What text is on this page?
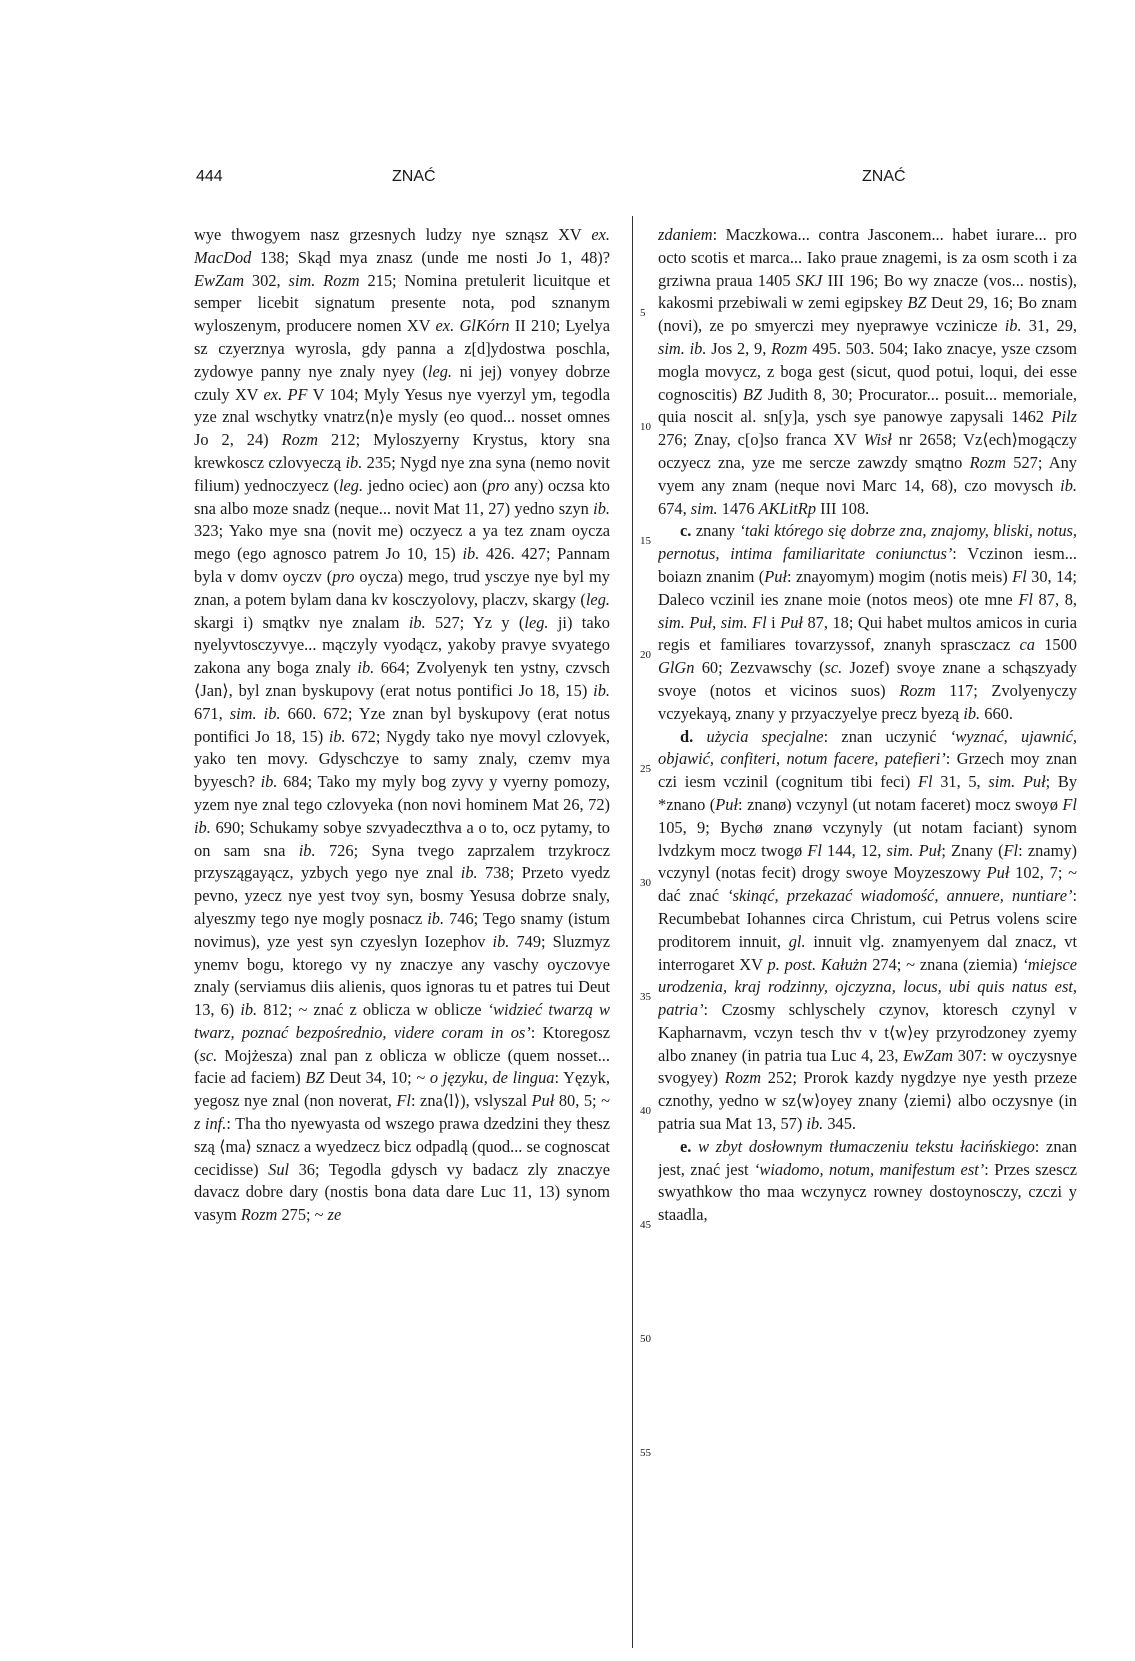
444	ZNAĆ	ZNAĆ

wye thwogyem nasz grzesnych ludzy nye sznąsz XV ex. MacDod 138; Skąd mya znasz (unde me nosti Jo 1, 48)? EwZam 302, sim. Rozm 215; Nomina pretulerit licuitque et semper licebit signatum presente nota, pod sznanym wyloszenym, producere nomen XV ex. GlKórn II 210; Lyelya sz czyerznya wyrosla, gdy panna a z[d]ydostwa poschla, zydowye panny nye znaly nyey (leg. ni jej) vonyey dobrze czuly XV ex. PF V 104; Myly Yesus nye vyerzyl ym, tegodla yze znal wschytky vnatrz⟨n⟩e mysly (eo quod... nosset omnes Jo 2, 24) Rozm 212; Myloszyerny Krystus, ktory sna krewkoscz czlovyeczą ib. 235; Nygd nye zna syna (nemo novit filium) yednoczyecz (leg. jedno ociec) aon (pro any) oczsa kto sna albo moze snadz (neque... novit Mat 11, 27) yedno szyn ib. 323; Yako mye sna (novit me) oczyecz a ya tez znam oycza mego (ego agnosco patrem Jo 10, 15) ib. 426. 427; Pannam byla v domv oyczv (pro oycza) mego, trud ysczye nye byl my znan, a potem bylam dana kv kosczyolovy, placzv, skargy (leg. skargi i) smątkv nye znalam ib. 527; Yz y (leg. ji) tako nyelyvtosczyvye... mączyly vyodącz, yakoby pravye svyatego zakona any boga znaly ib. 664; Zvolyenyk ten ystny, czvsch ⟨Jan⟩, byl znan byskupovy (erat notus pontifici Jo 18, 15) ib. 671, sim. ib. 660. 672; Yze znan byl byskupovy (erat notus pontifici Jo 18, 15) ib. 672; Nygdy tako nye movyl czlovyek, yako ten movy. Gdyschczye to samy znaly, czemv mya byyesch? ib. 684; Tako my myly bog zyvy y vyerny pomozy, yzem nye znal tego czlovyeka (non novi hominem Mat 26, 72) ib. 690; Schukamy sobye szvyadeczthva a o to, ocz pytamy, to on sam sna ib. 726; Syna tvego zaprzalem trzykrocz przyszągayącz, yzbych yego nye znal ib. 738; Przeto vyedz pevno, yzecz nye yest tvoy syn, bosmy Yesusa dobrze snaly, alyeszmy tego nye mogly posnacz ib. 746; Tego snamy (istum novimus), yze yest syn czyeslyn Iozephov ib. 749; Sluzmyz ynemv bogu, ktorego vy ny znaczye any vaschy oyczovye znaly (serviamus diis alienis, quos ignoras tu et patres tui Deut 13, 6) ib. 812; ~ znać z oblicza w oblicze ‘widzieć twarzą w twarz, poznać bezpośrednio, videre coram in os’: Ktoregosz (sc. Mojżesza) znal pan z oblicza w oblicze (quem nosset... facie ad faciem) BZ Deut 34, 10; ~ o języku, de lingua: Yęzyk, yegosz nye znal (non noverat, Fl: zna⟨l⟩), vslyszal Puł 80, 5; ~ z inf.: Tha tho nyewyasta od wszego prawa dzedzini they thesz szą ⟨ma⟩ sznacz a wyedzecz bicz odpadlą (quod... se cognoscat cecidisse) Sul 36; Tegodla gdysch vy badacz zly znaczye davacz dobre dary (nostis bona data dare Luc 11, 13) synom vasym Rozm 275; ~ ze

5
10
15
20
25
30
35
40
45
50
55

zdaniem: Maczkowa... contra Jasconem... habet iurare... pro octo scotis et marca... Iako praue znagemi, is za osm scoth i za grziwna praua 1405 SKJ III 196; Bo wy znacze (vos... nostis), kakosmi przebiwali w zemi egipskey BZ Deut 29, 16; Bo znam (novi), ze po smyerczi mey nyeprawye vczinicze ib. 31, 29, sim. ib. Jos 2, 9, Rozm 495. 503. 504; Iako znacye, ysze czsom mogla movycz, z boga gest (sicut, quod potui, loqui, dei esse cognoscitis) BZ Judith 8, 30; Procurator... posuit... memoriale, quia noscit al. sn[y]a, ysch sye panowye zapysali 1462 Pilz 276; Znay, c[o]so franca XV Wisł nr 2658; Vz⟨ech⟩mogączy oczyecz zna, yze me sercze zawzdy smątno Rozm 527; Any vyem any znam (neque novi Marc 14, 68), czo movysch ib. 674, sim. 1476 AKLitRp III 108.

c. znany ‘taki którego się dobrze zna, znajomy, bliski, notus, pernotus, intima familiaritate coniunctus’: Vczinon iesm... boiazn znanim (Puł: znayomym) mogim (notis meis) Fl 30, 14; Daleco vczinil ies znane moie (notos meos) ote mne Fl 87, 8, sim. Puł, sim. Fl i Puł 87, 18; Qui habet multos amicos in curia regis et familiares tovarzyssof, znanyh sprasczacz ca 1500 GlGn 60; Zezvawschy (sc. Jozef) svoye znane a schąszyady svoye (notos et vicinos suos) Rozm 117; Zvolyenyczy vczyekayą, znany y przyaczyelye precz byezą ib. 660.

d. użycia specjalne: znan uczynić ‘wyznać, ujawnić, objawić, confiteri, notum facere, patefieri’: Grzech moy znan czi iesm vczinil (cognitum tibi feci) Fl 31, 5, sim. Puł; By *znano (Puł: znanø) vczynyl (ut notam faceret) mocz swoyø Fl 105, 9; Bychø znanø vczynyly (ut notam faciant) synom lvdzkym mocz twogø Fl 144, 12, sim. Puł; Znany (Fl: znamy) vczynyl (notas fecit) drogy swoye Moyzeszowy Puł 102, 7; ~ dać znać ‘skinąć, przekazać wiadomość, annuere, nuntiare’: Recumbebat Iohannes circa Christum, cui Petrus volens scire proditorem innuit, gl. innuit vlg. znamyenyem dal znacz, vt interrogaret XV p. post. Kałużn 274; ~ znana (ziemia) ‘miejsce urodzenia, kraj rodzinny, ojczyzna, locus, ubi quis natus est, patria’: Czosmy schlyschely czynov, ktoresch czynyl v Kapharnavm, vczyn tesch thv v t⟨w⟩ey przyrodzoney zyemy albo znaney (in patria tua Luc 4, 23, EwZam 307: w oyczysnye svogyey) Rozm 252; Prorok kazdy nygdzye nye yesth przeze cznothy, yedno w sz⟨w⟩oyey znany ⟨ziemi⟩ albo oczysnye (in patria sua Mat 13, 57) ib. 345.

e. w zbyt dosłownym tłumaczeniu tekstu łacińskiego: znan jest, znać jest ‘wiadomo, notum, manifestum est’: Przes szescz swyathkow tho maa wczynycz rowney dostoynosczy, czczi y staadla,
